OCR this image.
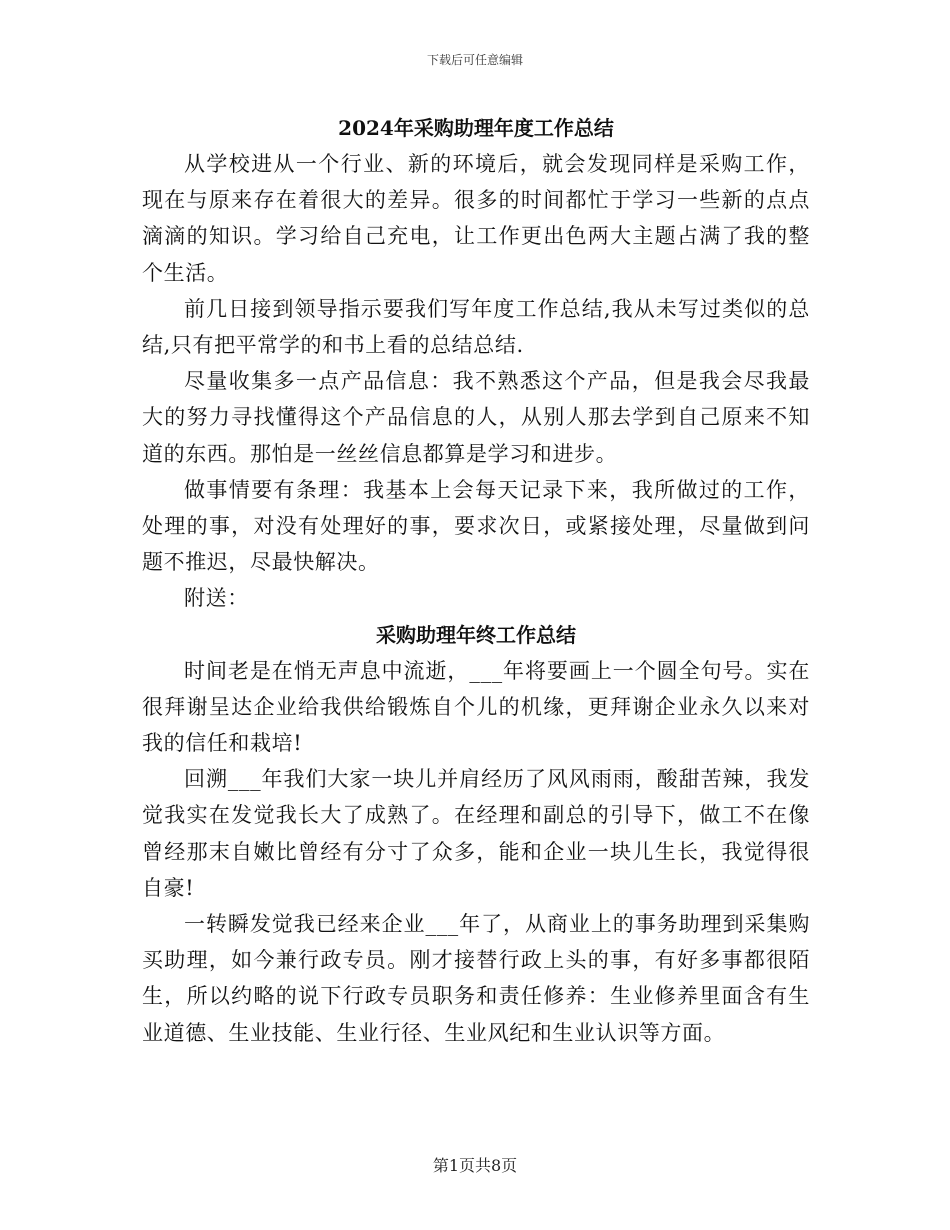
下载后可任意编辑
2024年采购助理年度工作总结

从学校进从一个行业、新的环境后，就会发现同样是采购工作，现在与原来存在着很大的差异。很多的时间都忙于学习一些新的点点滴滴的知识。学习给自己充电，让工作更出色两大主题占满了我的整个生活。

前几日接到领导指示要我们写年度工作总结,我从未写过类似的总结,只有把平常学的和书上看的总结总结.

尽量收集多一点产品信息：我不熟悉这个产品，但是我会尽我最大的努力寻找懂得这个产品信息的人，从别人那去学到自己原来不知道的东西。那怕是一丝丝信息都算是学习和进步。

做事情要有条理：我基本上会每天记录下来，我所做过的工作，处理的事，对没有处理好的事，要求次日，或紧接处理，尽量做到问题不推迟，尽最快解决。

附送：

采购助理年终工作总结

时间老是在悄无声息中流逝，___年将要画上一个圆全句号。实在很拜谢呈达企业给我供给锻炼自个儿的机缘，更拜谢企业永久以来对我的信任和栽培!

回溯___年我们大家一块儿并肩经历了风风雨雨，酸甜苦辣，我发觉我实在发觉我长大了成熟了。在经理和副总的引导下，做工不在像曾经那末自嫩比曾经有分寸了众多，能和企业一块儿生长，我觉得很自豪!

一转瞬发觉我已经来企业___年了，从商业上的事务助理到采集购买助理，如今兼行政专员。刚才接替行政上头的事，有好多事都很陌生，所以约略的说下行政专员职务和责任修养：生业修养里面含有生业道德、生业技能、生业行径、生业风纪和生业认识等方面。

第1页共8页
